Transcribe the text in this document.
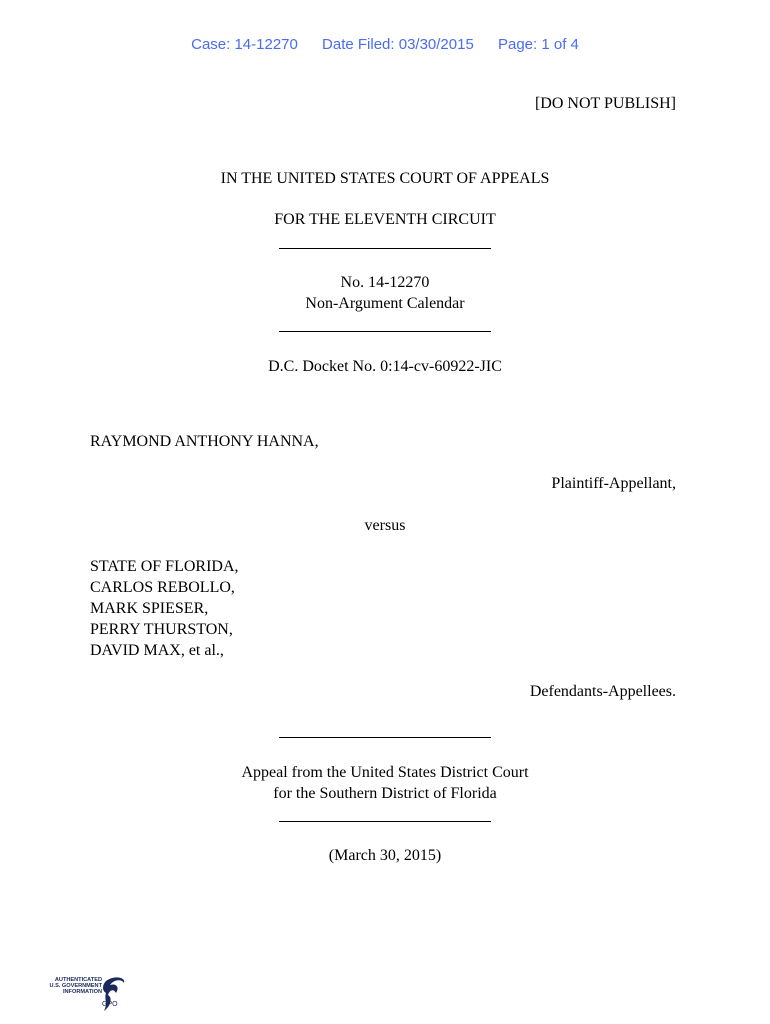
Case: 14-12270 Date Filed: 03/30/2015 Page: 1 of 4
[DO NOT PUBLISH]
IN THE UNITED STATES COURT OF APPEALS
FOR THE ELEVENTH CIRCUIT
No. 14-12270
Non-Argument Calendar
D.C. Docket No. 0:14-cv-60922-JIC
RAYMOND ANTHONY HANNA,
Plaintiff-Appellant,
versus
STATE OF FLORIDA,
CARLOS REBOLLO,
MARK SPIESER,
PERRY THURSTON,
DAVID MAX, et al.,
Defendants-Appellees.
Appeal from the United States District Court
for the Southern District of Florida
(March 30, 2015)
AUTHENTICATED
U.S. GOVERNMENT
INFORMATION
GPO
